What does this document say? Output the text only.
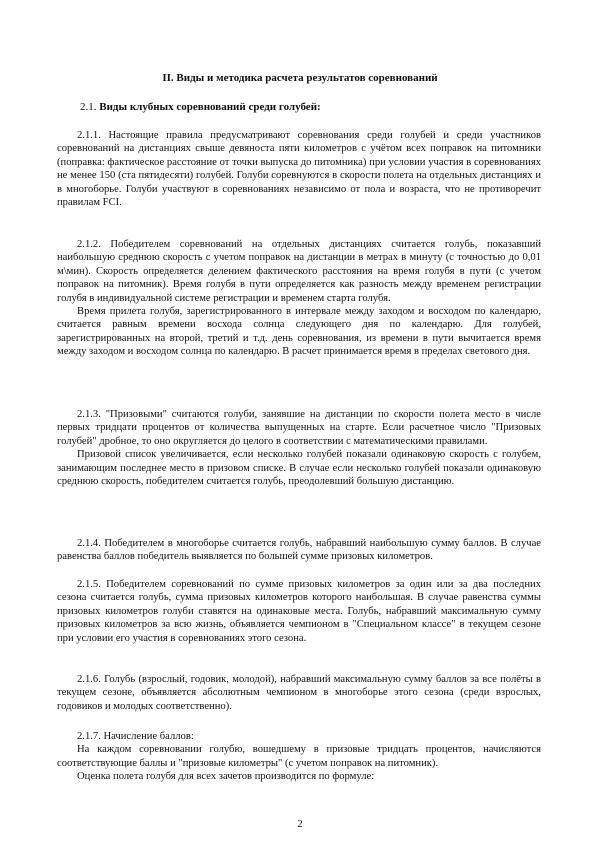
II. Виды и методика расчета результатов соревнований
2.1. Виды клубных соревнований среди голубей:

2.1.1. Настоящие правила предусматривают соревнования среди голубей и среди участников соревнований на дистанциях свыше девяноста пяти километров с учётом всех поправок на питомники (поправка: фактическое расстояние от точки выпуска до питомника) при условии участия в соревнованиях не менее 150 (ста пятидесяти) голубей. Голуби соревнуются в скорости полета на отдельных дистанциях и в многоборье. Голуби участвуют в соревнованиях независимо от пола и возраста, что не противоречит правилам FCI.

2.1.2. Победителем соревнований на отдельных дистанциях считается голубь, показавший наибольшую среднюю скорость с учетом поправок на дистанции в метрах в минуту (с точностью до 0,01 м\мин). Скорость определяется делением фактического расстояния на время голубя в пути (с учетом поправок на питомник). Время голубя в пути определяется как разность между временем регистрации голубя в индивидуальной системе регистрации и временем старта голубя.

Время прилета голубя, зарегистрированного в интервале между заходом и восходом по календарю, считается равным времени восхода солнца следующего дня по календарю. Для голубей, зарегистрированных на второй, третий и т.д. день соревнования, из времени в пути вычитается время между заходом и восходом солнца по календарю. В расчет принимается время в пределах светового дня.

2.1.3. "Призовыми" считаются голуби, занявшие на дистанции по скорости полета место в числе первых тридцати процентов от количества выпущенных на старте. Если расчетное число "Призовых голубей" дробное, то оно округляется до целого в соответствии с математическими правилами.

Призовой список увеличивается, если несколько голубей показали одинаковую скорость с голубем, занимающим последнее место в призовом списке. В случае если несколько голубей показали одинаковую среднюю скорость, победителем считается голубь, преодолевший большую дистанцию.

2.1.4. Победителем в многоборье считается голубь, набравший наибольшую сумму баллов. В случае равенства баллов победитель выявляется по большей сумме призовых километров.

2.1.5. Победителем соревнований по сумме призовых километров за один или за два последних сезона считается голубь, сумма призовых километров которого наибольшая. В случае равенства суммы призовых километров голуби ставятся на одинаковые места. Голубь, набравший максимальную сумму призовых километров за всю жизнь, объявляется чемпионом в "Специальном классе" в текущем сезоне при условии его участия в соревнованиях этого сезона.

2.1.6. Голубь (взрослый, годовик, молодой), набравший максимальную сумму баллов за все полёты в текущем сезоне, объявляется абсолютным чемпионом в многоборье этого сезона (среди взрослых, годовиков и молодых соответственно).

2.1.7. Начисление баллов:

На каждом соревновании голубю, вошедшему в призовые тридцать процентов, начисляются соответствующие баллы и "призовые километры" (с учетом поправок на питомник).

Оценка полета голубя для всех зачетов производится по формуле:

2
